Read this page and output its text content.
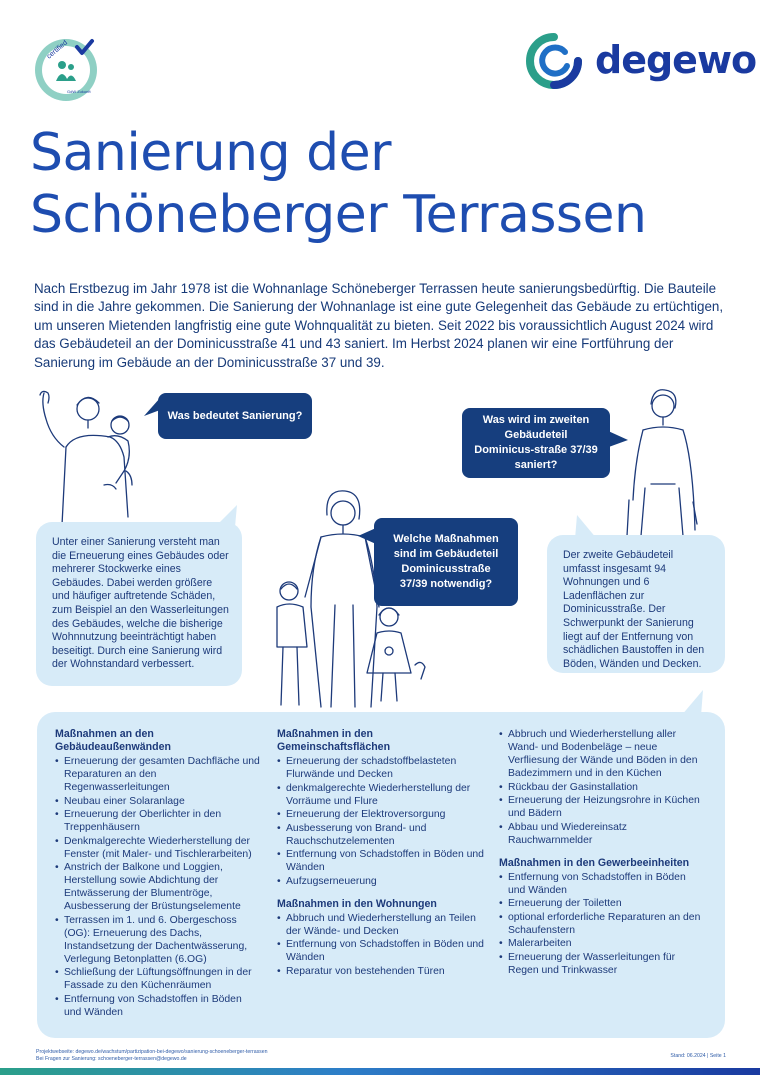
certified
GdW Zukunft
degewo
Sanierung der
Schöneberger Terrassen

Nach Erstbezug im Jahr 1978 ist die Wohnanlage Schöneberger Terrassen heute sanierungsbedürftig. Die Bauteile sind in die Jahre gekommen. Die Sanierung der Wohnanlage ist eine gute Gelegenheit das Gebäude zu ertüchtigen, um unseren Mietenden langfristig eine gute Wohnqualität zu bieten. Seit 2022 bis voraussichtlich August 2024 wird das Gebäudeteil an der Dominicusstraße 41 und 43 saniert. Im Herbst 2024 planen wir eine Fortführung der Sanierung im Gebäude an der Dominicusstraße 37 und 39.

Was bedeutet Sanierung?	Was wird im zweiten Gebäudeteil Dominicus-straße 37/39 saniert?
Welche Maßnahmen sind im Gebäudeteil Dominicusstraße 37/39 notwendig?
Unter einer Sanierung versteht man die Erneuerung eines Gebäudes oder mehrerer Stockwerke eines Gebäudes. Dabei werden größere und häufiger auftretende Schäden, zum Beispiel an den Wasserleitungen des Gebäudes, welche die bisherige Wohnnutzung beeinträchtigt haben beseitigt. Durch eine Sanierung wird der Wohnstandard verbessert.
Der zweite Gebäudeteil umfasst insgesamt 94 Wohnungen und 6 Ladenflächen zur Dominicusstraße. Der Schwerpunkt der Sanierung liegt auf der Entfernung von schädlichen Baustoffen in den Böden, Wänden und Decken.
Maßnahmen an den Gebäudeaußenwänden
• Erneuerung der gesamten Dachfläche und Reparaturen an den Regenwasserleitungen
• Neubau einer Solaranlage
• Erneuerung der Oberlichter in den Treppenhäusern
• Denkmalgerechte Wiederherstellung der Fenster (mit Maler- und Tischlerarbeiten)
• Anstrich der Balkone und Loggien, Herstellung sowie Abdichtung der Entwässerung der Blumentröge, Ausbesserung der Brüstungselemente
• Terrassen im 1. und 6. Obergeschoss (OG): Erneuerung des Dachs, Instandsetzung der Dachentwässerung, Verlegung Betonplatten (6.OG)
• Schließung der Lüftungsöffnungen in der Fassade zu den Küchenräumen
• Entfernung von Schadstoffen in Böden und Wänden
Maßnahmen in den Gemeinschaftsflächen
• Erneuerung der schadstoffbelasteten Flurwände und Decken
• denkmalgerechte Wiederherstellung der Vorräume und Flure
• Erneuerung der Elektroversorgung
• Ausbesserung von Brand- und Rauchschutzelementen
• Entfernung von Schadstoffen in Böden und Wänden
• Aufzugserneuerung
Maßnahmen in den Wohnungen
• Abbruch und Wiederherstellung an Teilen der Wände- und Decken
• Entfernung von Schadstoffen in Böden und Wänden
• Reparatur von bestehenden Türen
• Abbruch und Wiederherstellung aller Wand- und Bodenbeläge – neue Verfliesung der Wände und Böden in den Badezimmern und in den Küchen
• Rückbau der Gasinstallation
• Erneuerung der Heizungsrohre in Küchen und Bädern
• Abbau und Wiedereinsatz Rauchwarnmelder
Maßnahmen in den Gewerbeeinheiten
• Entfernung von Schadstoffen in Böden und Wänden
• Erneuerung der Toiletten
• optional erforderliche Reparaturen an den Schaufenstern
• Malerarbeiten
• Erneuerung der Wasserleitungen für Regen und Trinkwasser
Projektwebseite: degewo.de/wachstum/partizipation-bei-degewo/sanierung-schoeneberger-terrassen
Bei Fragen zur Sanierung: schoeneberger-terrassen@degewo.de	Stand: 06.2024 | Seite 1
